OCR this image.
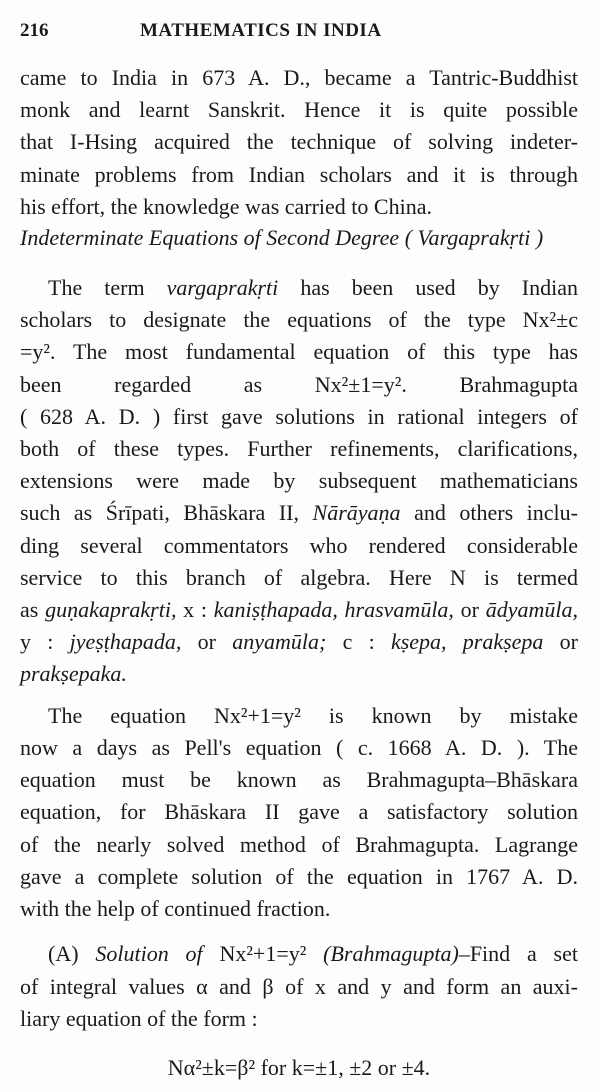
216	MATHEMATICS IN INDIA
came to India in 673 A. D., became a Tantric-Buddhist
monk and learnt Sanskrit. Hence it is quite possible
that I-Hsing acquired the technique of solving indeter-
minate problems from Indian scholars and it is through
his effort, the knowledge was carried to China.
Indeterminate Equations of Second Degree ( Vargaprakṛti )
The term vargaprakṛti has been used by Indian
scholars to designate the equations of the type Nx²±c
=y². The most fundamental equation of this type has
been regarded as Nx²±1=y². Brahmagupta
( 628 A. D. ) first gave solutions in rational integers of
both of these types. Further refinements, clarifications,
extensions were made by subsequent mathematicians
such as Śrīpati, Bhāskara II, Nārāyaṇa and others inclu-
ding several commentators who rendered considerable
service to this branch of algebra. Here N is termed
as guṇakaprakṛti, x : kaniṣṭhapada, hrasvamūla, or ādyamūla,
y : jyeṣṭhapada, or anyamūla; c : kṣepa, prakṣepa or
prakṣepaka.
The equation Nx²+1=y² is known by mistake
now a days as Pell's equation ( c. 1668 A. D. ). The
equation must be known as Brahmagupta–Bhāskara
equation, for Bhāskara II gave a satisfactory solution
of the nearly solved method of Brahmagupta. Lagrange
gave a complete solution of the equation in 1767 A. D.
with the help of continued fraction.
(A) Solution of Nx²+1=y² (Brahmagupta)–Find a set
of integral values α and β of x and y and form an auxi-
liary equation of the form :
Nα²±k=β² for k=±1, ±2 or ±4.
